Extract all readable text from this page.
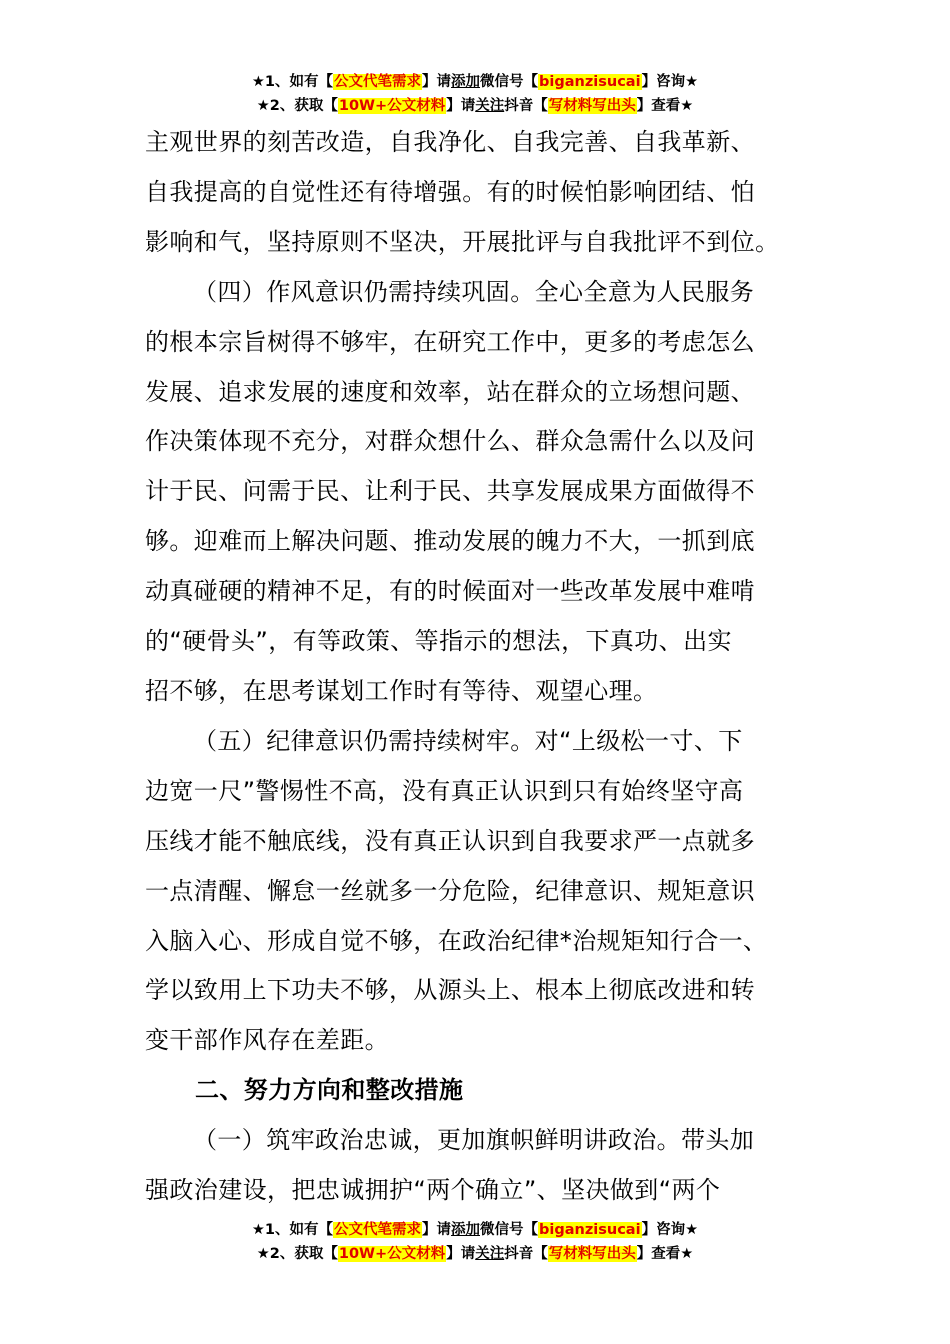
★1、如有【公文代笔需求】请添加微信号【biganzisucai】咨询★
★2、获取【10W+公文材料】请关注抖音【写材料写出头】查看★

主观世界的刻苦改造，自我净化、自我完善、自我革新、

自我提高的自觉性还有待增强。有的时候怕影响团结、怕

影响和气，坚持原则不坚决，开展批评与自我批评不到位。

（四）作风意识仍需持续巩固。全心全意为人民服务

的根本宗旨树得不够牢，在研究工作中，更多的考虑怎么

发展、追求发展的速度和效率，站在群众的立场想问题、

作决策体现不充分，对群众想什么、群众急需什么以及问

计于民、问需于民、让利于民、共享发展成果方面做得不

够。迎难而上解决问题、推动发展的魄力不大，一抓到底

动真碰硬的精神不足，有的时候面对一些改革发展中难啃

的“硬骨头”，有等政策、等指示的想法，下真功、出实

招不够，在思考谋划工作时有等待、观望心理。

（五）纪律意识仍需持续树牢。对“上级松一寸、下

边宽一尺”警惕性不高，没有真正认识到只有始终坚守高

压线才能不触底线，没有真正认识到自我要求严一点就多

一点清醒、懈怠一丝就多一分危险，纪律意识、规矩意识

入脑入心、形成自觉不够，在政治纪律*治规矩知行合一、

学以致用上下功夫不够，从源头上、根本上彻底改进和转

变干部作风存在差距。

二、努力方向和整改措施

（一）筑牢政治忠诚，更加旗帜鲜明讲政治。带头加

强政治建设，把忠诚拥护“两个确立”、坚决做到“两个

★1、如有【公文代笔需求】请添加微信号【biganzisucai】咨询★
★2、获取【10W+公文材料】请关注抖音【写材料写出头】查看★
